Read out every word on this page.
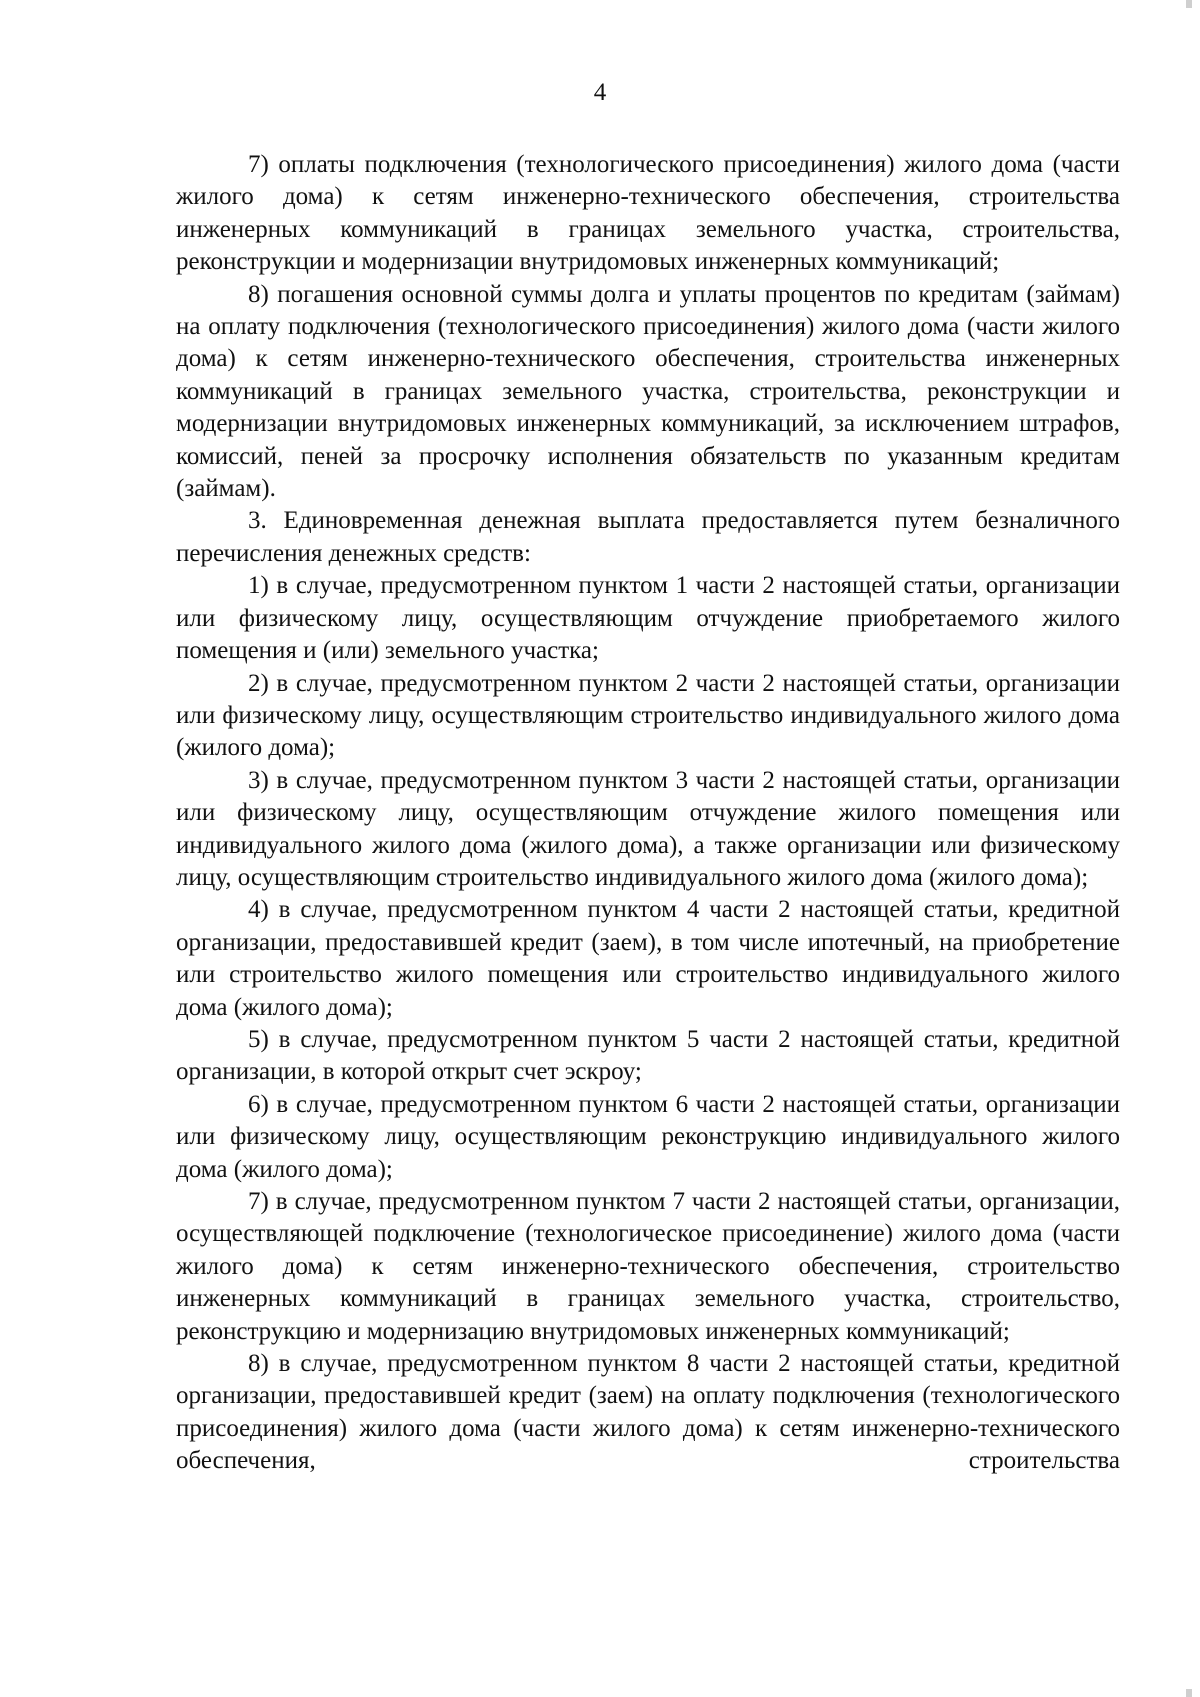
4

7) оплаты подключения (технологического присоединения) жилого дома (части жилого дома) к сетям инженерно-технического обеспечения, строительства инженерных коммуникаций в границах земельного участка, строительства, реконструкции и модернизации внутридомовых инженерных коммуникаций;

8) погашения основной суммы долга и уплаты процентов по кредитам (займам) на оплату подключения (технологического присоединения) жилого дома (части жилого дома) к сетям инженерно-технического обеспечения, строительства инженерных коммуникаций в границах земельного участка, строительства, реконструкции и модернизации внутридомовых инженерных коммуникаций, за исключением штрафов, комиссий, пеней за просрочку исполнения обязательств по указанным кредитам (займам).

3. Единовременная денежная выплата предоставляется путем безналичного перечисления денежных средств:

1) в случае, предусмотренном пунктом 1 части 2 настоящей статьи, организации или физическому лицу, осуществляющим отчуждение приобретаемого жилого помещения и (или) земельного участка;

2) в случае, предусмотренном пунктом 2 части 2 настоящей статьи, организации или физическому лицу, осуществляющим строительство индивидуального жилого дома (жилого дома);

3) в случае, предусмотренном пунктом 3 части 2 настоящей статьи, организации или физическому лицу, осуществляющим отчуждение жилого помещения или индивидуального жилого дома (жилого дома), а также организации или физическому лицу, осуществляющим строительство индивидуального жилого дома (жилого дома);

4) в случае, предусмотренном пунктом 4 части 2 настоящей статьи, кредитной организации, предоставившей кредит (заем), в том числе ипотечный, на приобретение или строительство жилого помещения или строительство индивидуального жилого дома (жилого дома);

5) в случае, предусмотренном пунктом 5 части 2 настоящей статьи, кредитной организации, в которой открыт счет эскроу;

6) в случае, предусмотренном пунктом 6 части 2 настоящей статьи, организации или физическому лицу, осуществляющим реконструкцию индивидуального жилого дома (жилого дома);

7) в случае, предусмотренном пунктом 7 части 2 настоящей статьи, организации, осуществляющей подключение (технологическое присоединение) жилого дома (части жилого дома) к сетям инженерно-технического обеспечения, строительство инженерных коммуникаций в границах земельного участка, строительство, реконструкцию и модернизацию внутридомовых инженерных коммуникаций;

8) в случае, предусмотренном пунктом 8 части 2 настоящей статьи, кредитной организации, предоставившей кредит (заем) на оплату подключения (технологического присоединения) жилого дома (части жилого дома) к сетям инженерно-технического обеспечения, строительства
